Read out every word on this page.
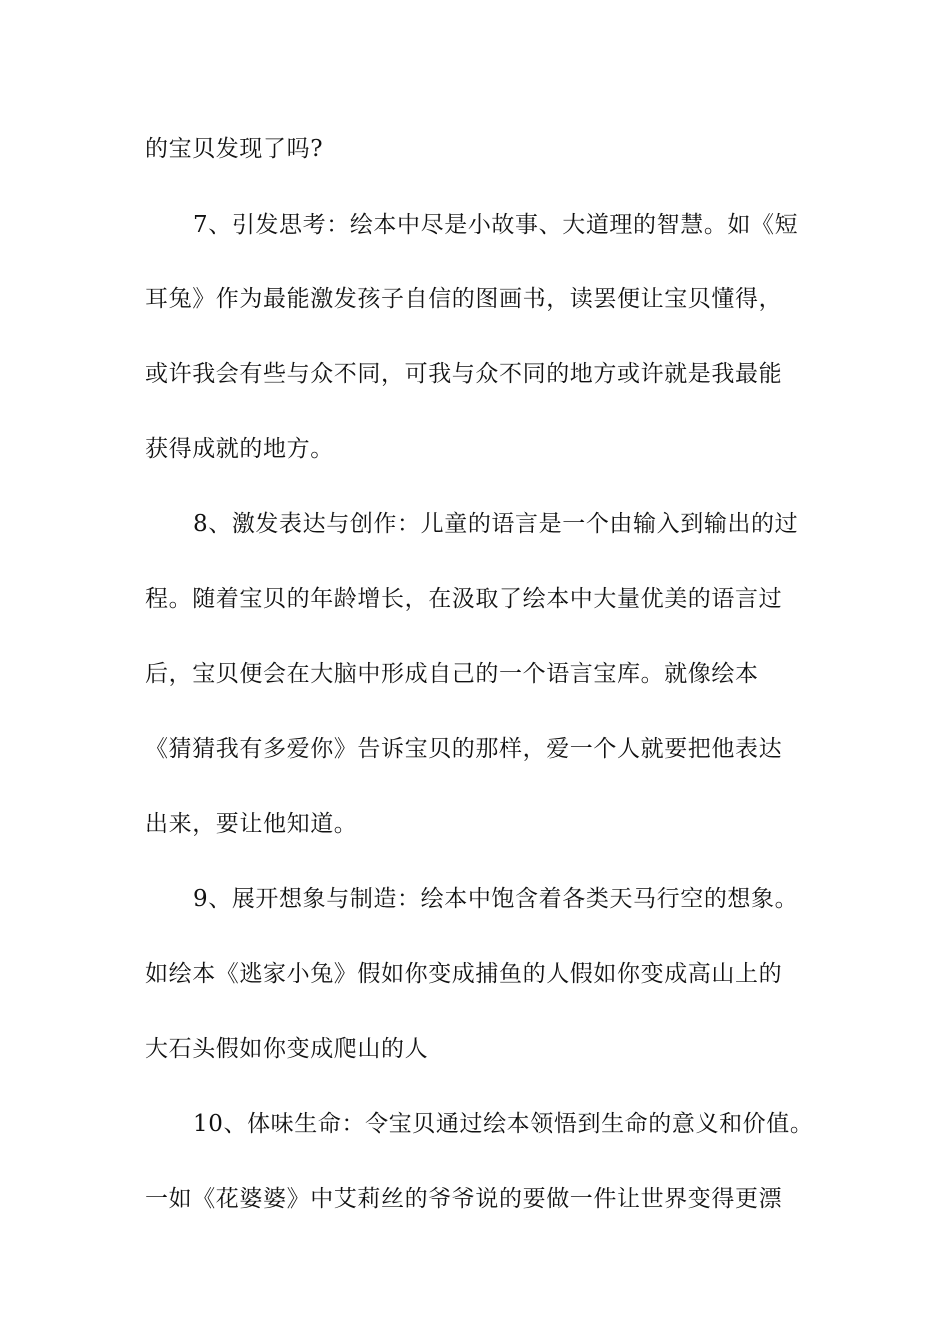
的宝贝发现了吗?

7、引发思考：绘本中尽是小故事、大道理的智慧。如《短

耳兔》作为最能激发孩子自信的图画书，读罢便让宝贝懂得，

或许我会有些与众不同，可我与众不同的地方或许就是我最能

获得成就的地方。

8、激发表达与创作：儿童的语言是一个由输入到输出的过

程。随着宝贝的年龄增长，在汲取了绘本中大量优美的语言过

后，宝贝便会在大脑中形成自己的一个语言宝库。就像绘本

《猜猜我有多爱你》告诉宝贝的那样，爱一个人就要把他表达

出来，要让他知道。

9、展开想象与制造：绘本中饱含着各类天马行空的想象。

如绘本《逃家小兔》假如你变成捕鱼的人假如你变成高山上的

大石头假如你变成爬山的人

10、体味生命：令宝贝通过绘本领悟到生命的意义和价值。

一如《花婆婆》中艾莉丝的爷爷说的要做一件让世界变得更漂
